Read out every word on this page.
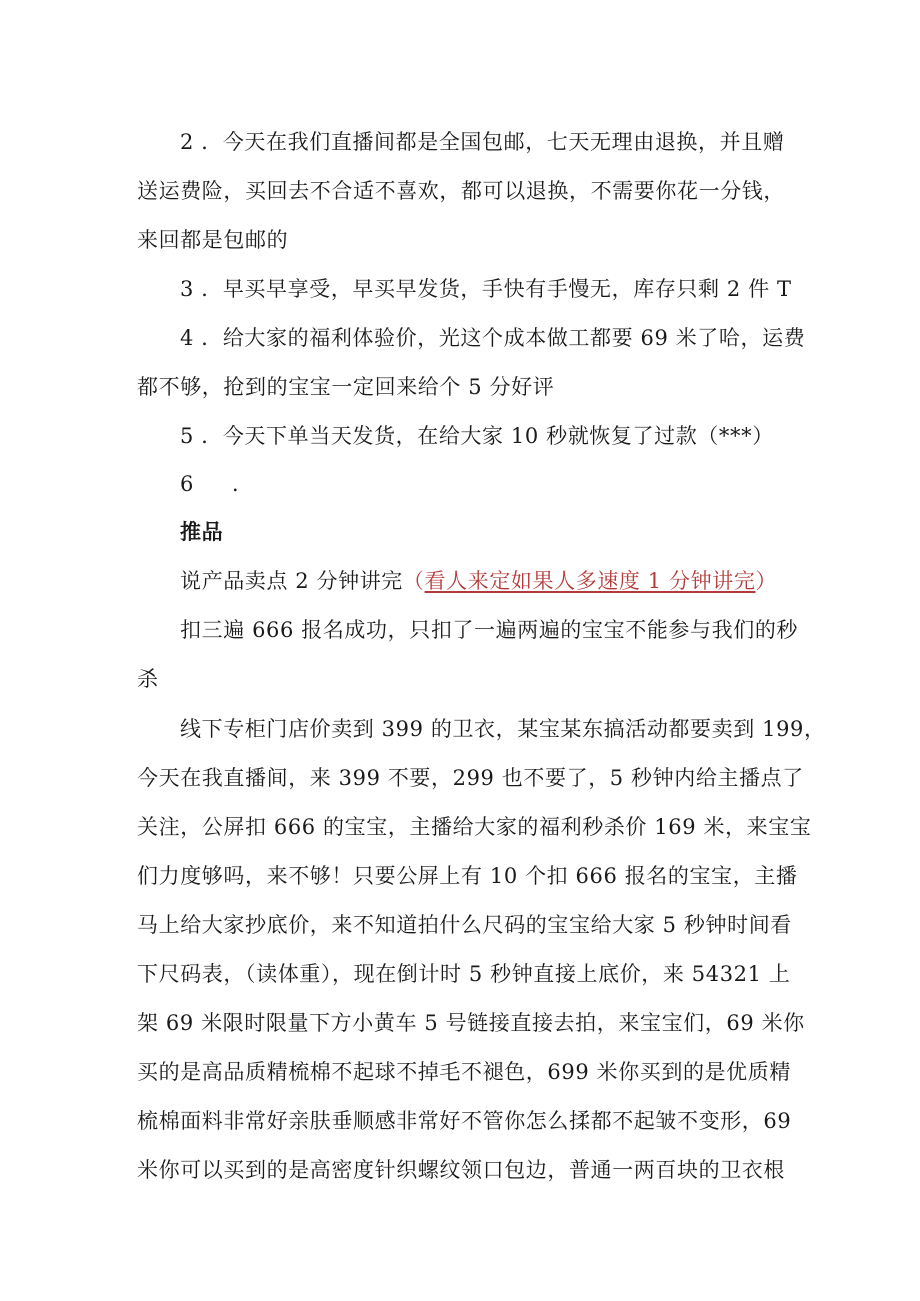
2 ．今天在我们直播间都是全国包邮，七天无理由退换，并且赠
送运费险，买回去不合适不喜欢，都可以退换，不需要你花一分钱，
来回都是包邮的
3 ．早买早享受，早买早发货，手快有手慢无，库存只剩 2 件 T
4 ．给大家的福利体验价，光这个成本做工都要 69 米了哈，运费
都不够，抢到的宝宝一定回来给个 5 分好评
5 ．今天下单当天发货，在给大家 10 秒就恢复了过款（***）
6 ．
推品
说产品卖点 2 分钟讲完（看人来定如果人多速度 1 分钟讲完）
扣三遍 666 报名成功，只扣了一遍两遍的宝宝不能参与我们的秒
杀
线下专柜门店价卖到 399 的卫衣，某宝某东搞活动都要卖到 199，
今天在我直播间，来 399 不要，299 也不要了，5 秒钟内给主播点了
关注，公屏扣 666 的宝宝，主播给大家的福利秒杀价 169 米，来宝宝
们力度够吗，来不够！只要公屏上有 10 个扣 666 报名的宝宝，主播
马上给大家抄底价，来不知道拍什么尺码的宝宝给大家 5 秒钟时间看
下尺码表，（读体重），现在倒计时 5 秒钟直接上底价，来 54321 上
架 69 米限时限量下方小黄车 5 号链接直接去拍，来宝宝们，69 米你
买的是高品质精梳棉不起球不掉毛不褪色，699 米你买到的是优质精
梳棉面料非常好亲肤垂顺感非常好不管你怎么揉都不起皱不变形，69
米你可以买到的是高密度针织螺纹领口包边，普通一两百块的卫衣根
